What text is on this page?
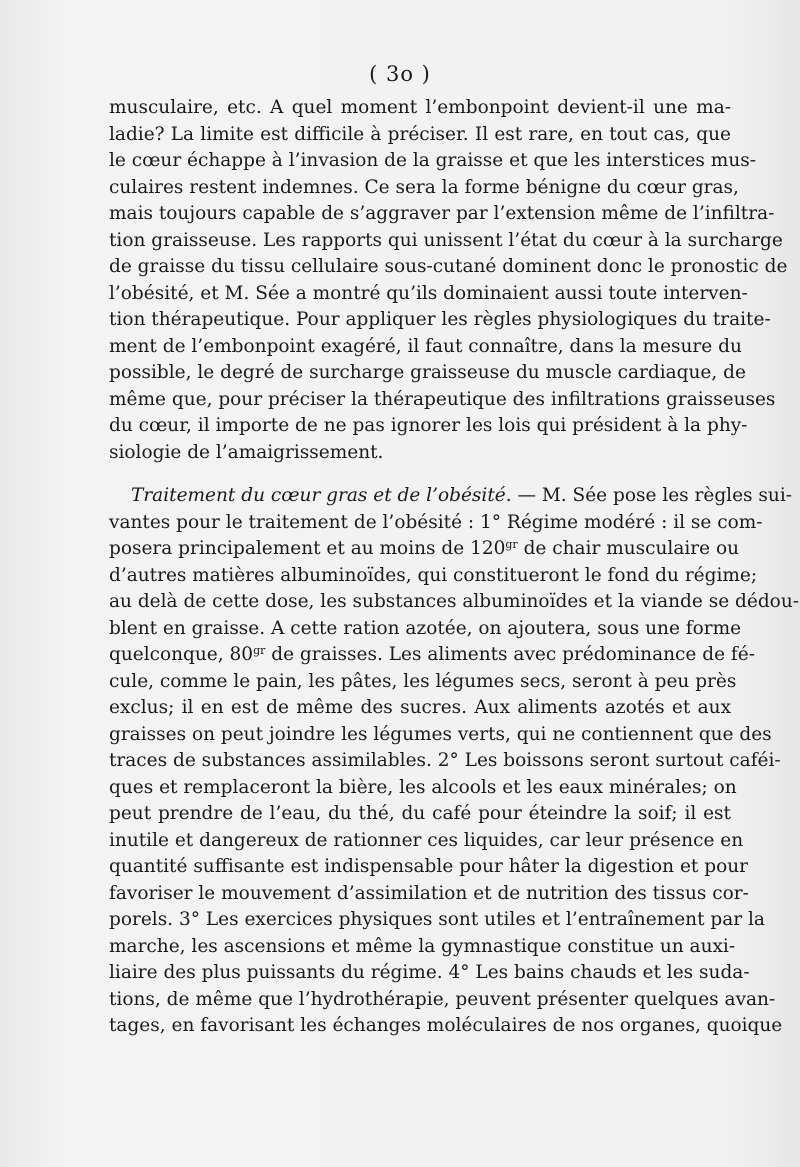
( 3o )
musculaire, etc. A quel moment l’embonpoint devient-il une ma-
ladie? La limite est difficile à préciser. Il est rare, en tout cas, que
le cœur échappe à l’invasion de la graisse et que les interstices mus-
culaires restent indemnes. Ce sera la forme bénigne du cœur gras,
mais toujours capable de s’aggraver par l’extension même de l’infiltra-
tion graisseuse. Les rapports qui unissent l’état du cœur à la surcharge
de graisse du tissu cellulaire sous-cutané dominent donc le pronostic de
l’obésité, et M. Sée a montré qu’ils dominaient aussi toute interven-
tion thérapeutique. Pour appliquer les règles physiologiques du traite-
ment de l’embonpoint exagéré, il faut connaître, dans la mesure du
possible, le degré de surcharge graisseuse du muscle cardiaque, de
même que, pour préciser la thérapeutique des infiltrations graisseuses
du cœur, il importe de ne pas ignorer les lois qui président à la phy-
siologie de l’amaigrissement.
Traitement du cœur gras et de l’obésité. — M. Sée pose les règles sui-
vantes pour le traitement de l’obésité : 1° Régime modéré : il se com-
posera principalement et au moins de $120^{gr}$ de chair musculaire ou
d’autres matières albuminoïdes, qui constitueront le fond du régime;
au delà de cette dose, les substances albuminoïdes et la viande se dédou-
blent en graisse. A cette ration azotée, on ajoutera, sous une forme
quelconque, $80^{gr}$ de graisses. Les aliments avec prédominance de fé-
cule, comme le pain, les pâtes, les légumes secs, seront à peu près
exclus; il en est de même des sucres. Aux aliments azotés et aux
graisses on peut joindre les légumes verts, qui ne contiennent que des
traces de substances assimilables. 2° Les boissons seront surtout caféi-
ques et remplaceront la bière, les alcools et les eaux minérales; on
peut prendre de l’eau, du thé, du café pour éteindre la soif; il est
inutile et dangereux de rationner ces liquides, car leur présence en
quantité suffisante est indispensable pour hâter la digestion et pour
favoriser le mouvement d’assimilation et de nutrition des tissus cor-
porels. 3° Les exercices physiques sont utiles et l’entraînement par la
marche, les ascensions et même la gymnastique constitue un auxi-
liaire des plus puissants du régime. 4° Les bains chauds et les suda-
tions, de même que l’hydrothérapie, peuvent présenter quelques avan-
tages, en favorisant les échanges moléculaires de nos organes, quoique
